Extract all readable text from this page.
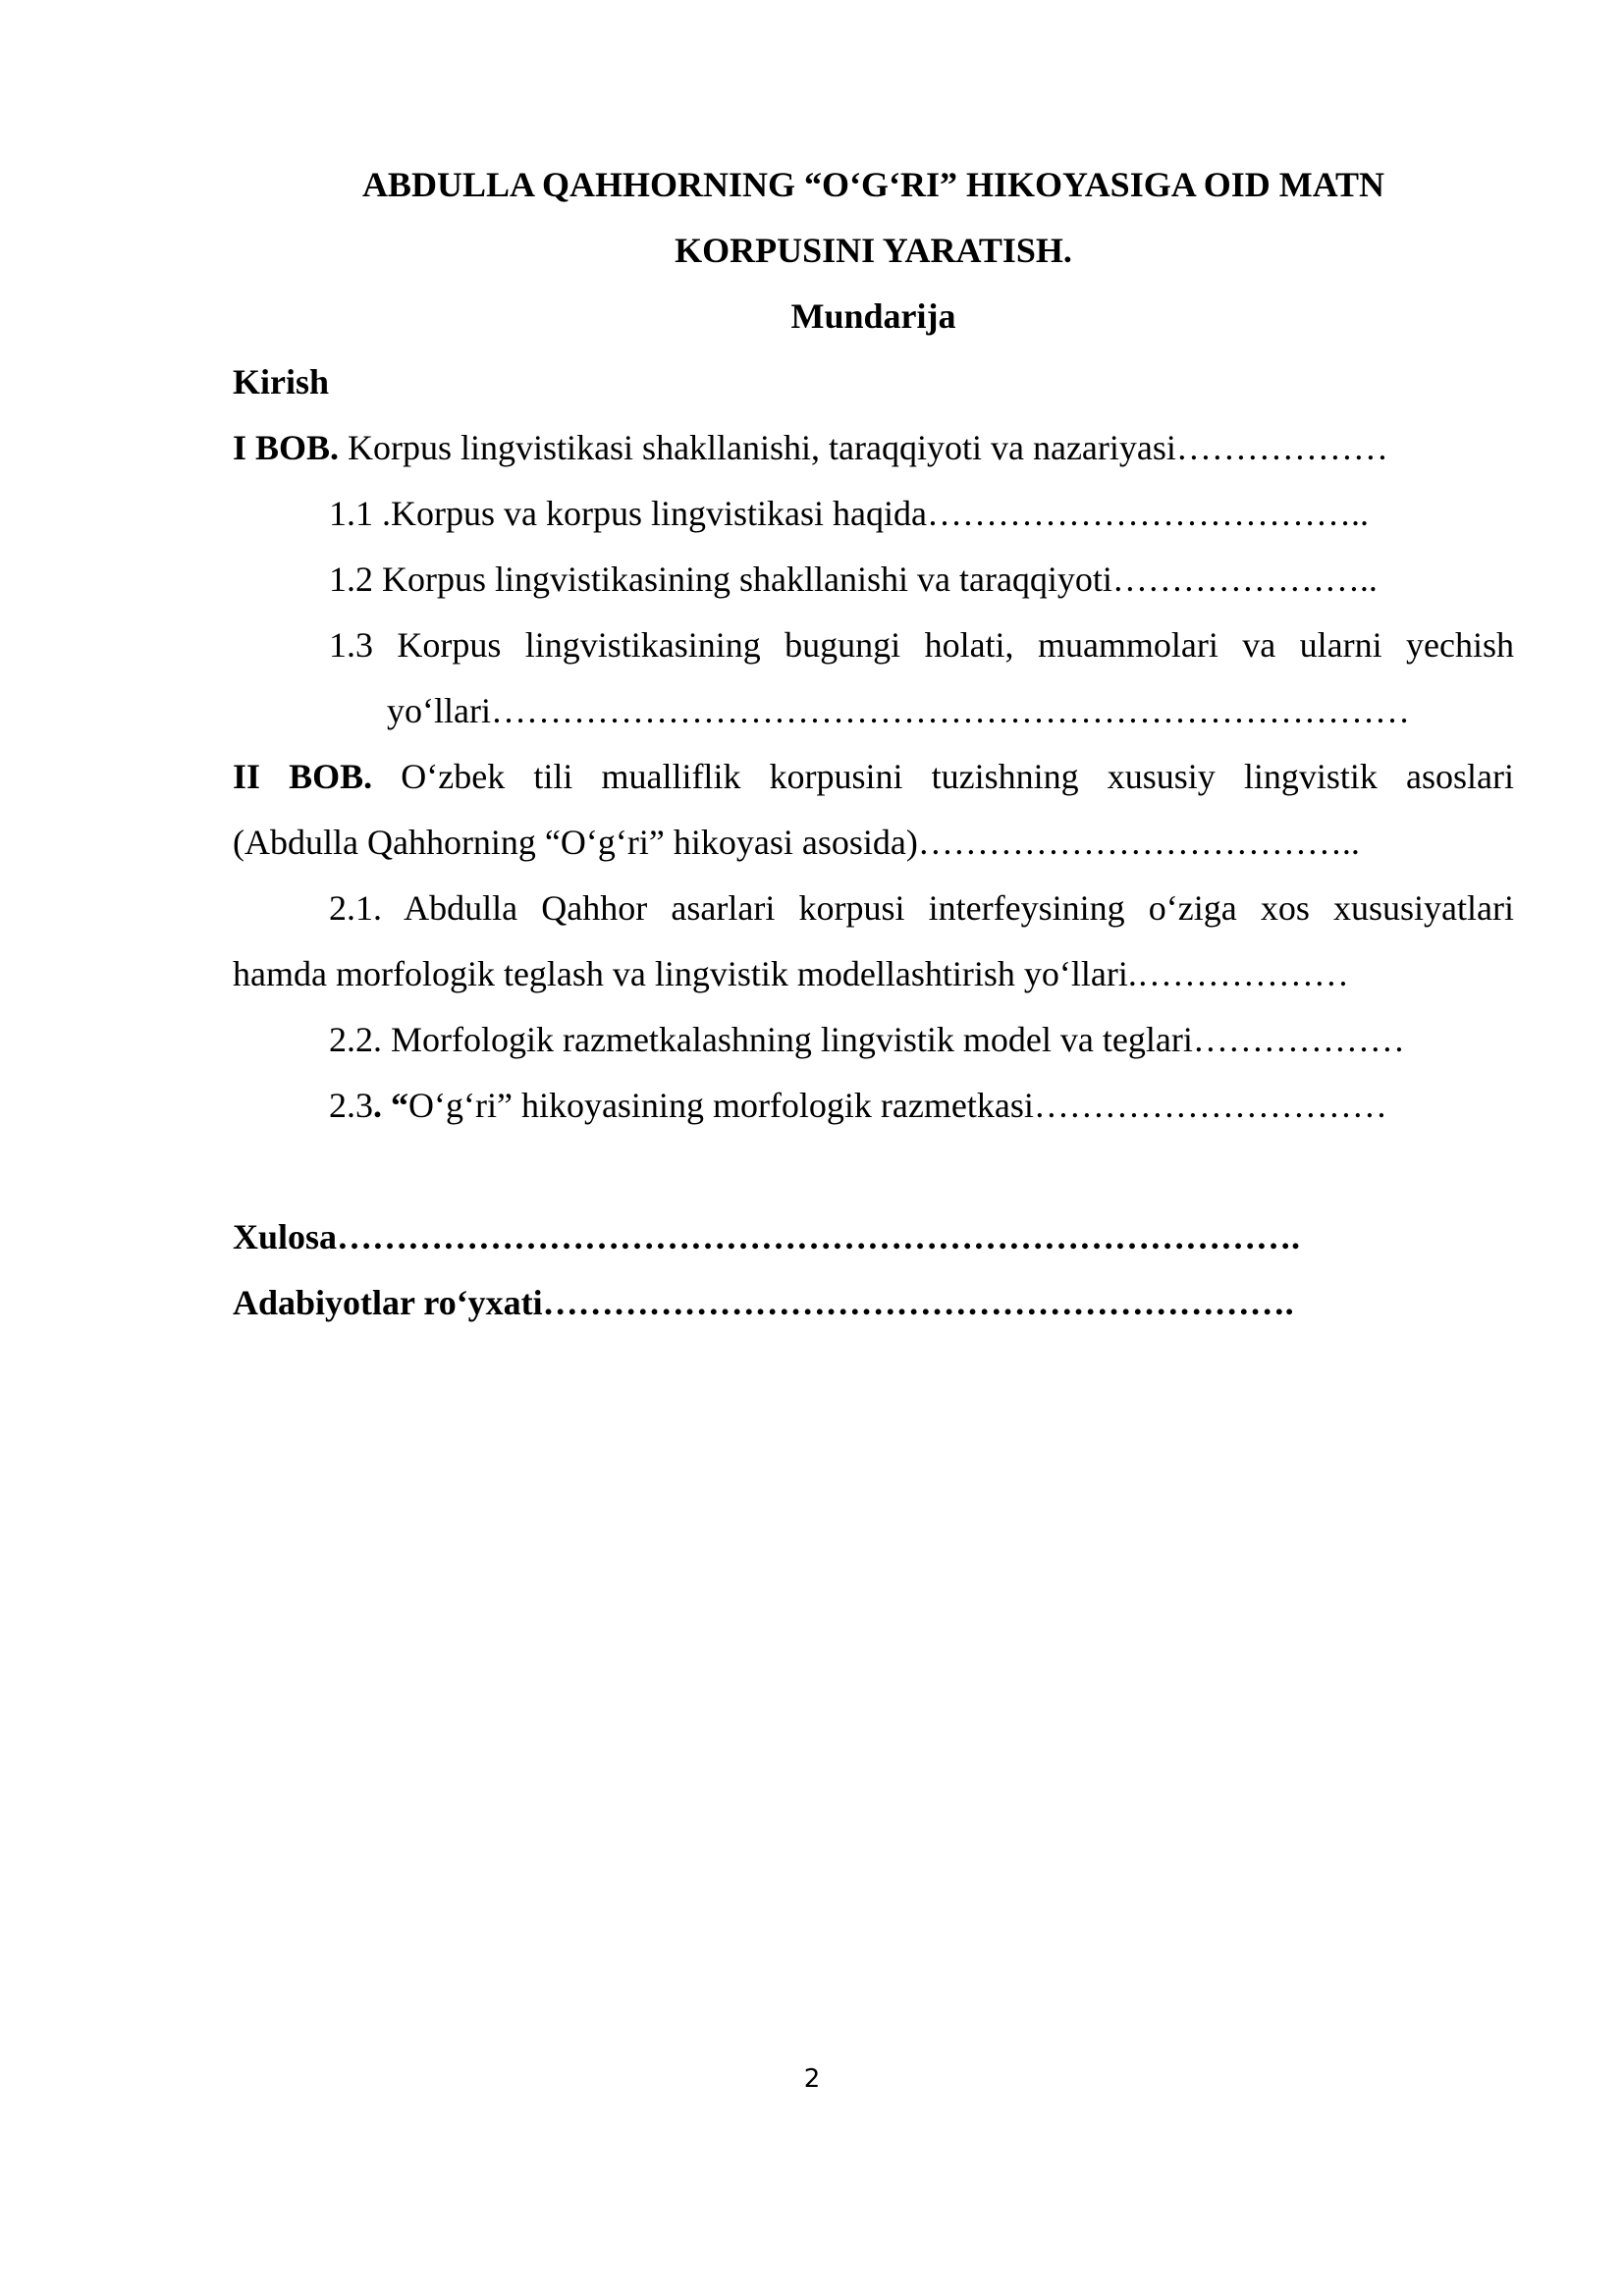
ABDULLA QAHHORNING “O‘G‘RI” HIKOYASIGA OID MATN

KORPUSINI YARATISH.

Mundarija

Kirish

I BOB. Korpus lingvistikasi shakllanishi, taraqqiyoti va nazariyasi………………

1.1 .Korpus va korpus lingvistikasi haqida………………………………..

1.2 Korpus lingvistikasining shakllanishi va taraqqiyoti…………………..

1.3 Korpus lingvistikasining bugungi holati, muammolari va ularni yechish

yo‘llari……………………………………………………………………

II BOB. O‘zbek tili mualliflik korpusini tuzishning xususiy lingvistik asoslari

(Abdulla Qahhorning “O‘g‘ri” hikoyasi asosida)………………………………..

2.1. Abdulla Qahhor asarlari korpusi interfeysining o‘ziga xos xususiyatlari

hamda morfologik teglash va lingvistik modellashtirish yo‘llari.………………

2.2. Morfologik razmetkalashning lingvistik model va teglari………………

2.3. “O‘g‘ri” hikoyasining morfologik razmetkasi…………………………

Xulosa……………………………………………………………………….

Adabiyotlar ro‘yxati……………………………………………………….

2
